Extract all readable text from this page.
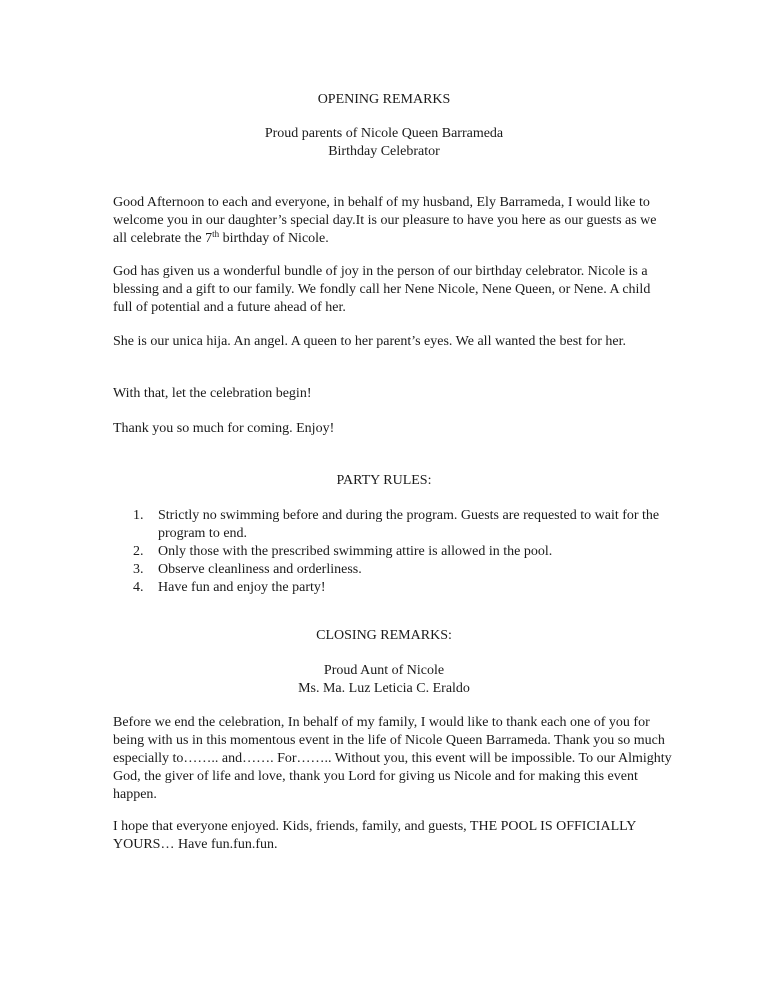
OPENING REMARKS

Proud parents of Nicole Queen Barrameda

Birthday Celebrator

Good Afternoon to each and everyone, in behalf of my husband, Ely Barrameda, I would like to welcome you in our daughter’s special day.It is our pleasure to have you here as our guests as we all celebrate the 7th birthday of Nicole.

God has given us a wonderful bundle of joy in the person of our birthday celebrator. Nicole is a blessing and a gift to our family. We fondly call her Nene Nicole, Nene Queen, or Nene. A child full of potential and a future ahead of her.

She is our unica hija. An angel. A queen to her parent’s eyes. We all wanted the best for her.

With that, let the celebration begin!

Thank you so much for coming. Enjoy!

PARTY RULES:
1. Strictly no swimming before and during the program. Guests are requested to wait for the program to end.
2. Only those with the prescribed swimming attire is allowed in the pool.
3. Observe cleanliness and orderliness.
4. Have fun and enjoy the party!
CLOSING REMARKS:

Proud Aunt of Nicole

Ms. Ma. Luz Leticia C. Eraldo

Before we end the celebration, In behalf of my family, I would like to thank each one of you for being with us in this momentous event in the life of Nicole Queen Barrameda. Thank you so much especially to…….. and……. For…….. Without you, this event will be impossible. To our Almighty God, the giver of life and love, thank you Lord for giving us Nicole and for making this event happen.

I hope that everyone enjoyed. Kids, friends, family, and guests, THE POOL IS OFFICIALLY YOURS… Have fun.fun.fun.
